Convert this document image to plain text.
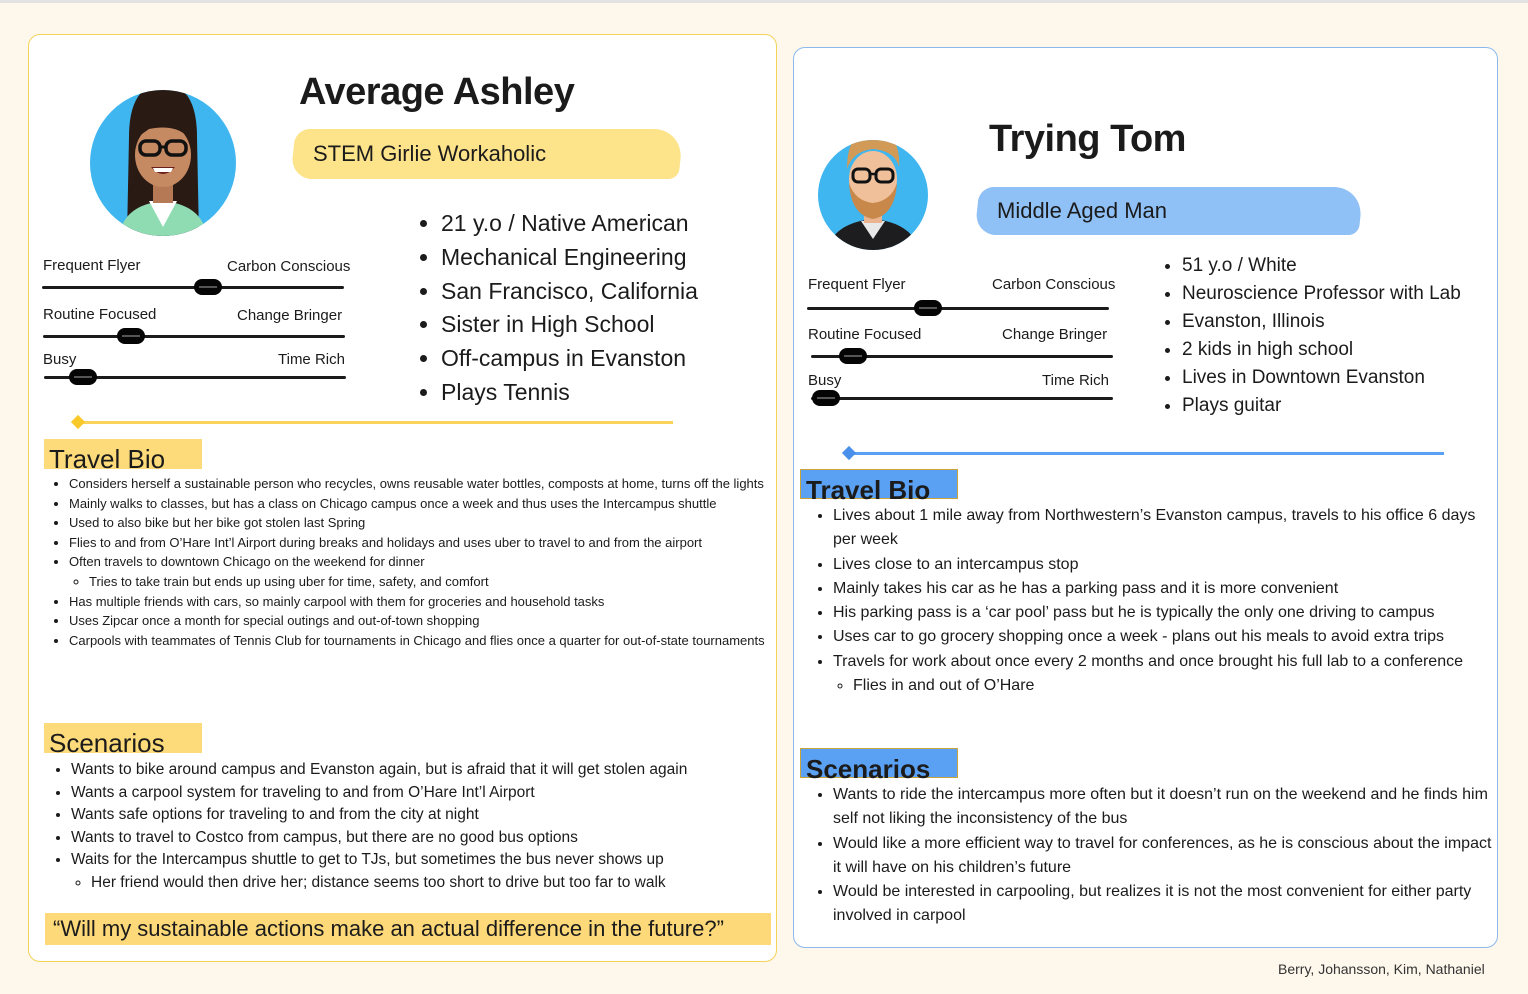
Average Ashley
STEM Girlie Workaholic
Frequent Flyer	Carbon Conscious
Routine Focused	Change Bringer
Busy	Time Rich
• 21 y.o / Native American
• Mechanical Engineering
• San Francisco, California
• Sister in High School
• Off-campus in Evanston
• Plays Tennis
Travel Bio
• Considers herself a sustainable person who recycles, owns reusable water bottles, composts at home, turns off the lights
• Mainly walks to classes, but has a class on Chicago campus once a week and thus uses the Intercampus shuttle
• Used to also bike but her bike got stolen last Spring
• Flies to and from O’Hare Int’l Airport during breaks and holidays and uses uber to travel to and from the airport
• Often travels to downtown Chicago on the weekend for dinner
◦ Tries to take train but ends up using uber for time, safety, and comfort
• Has multiple friends with cars, so mainly carpool with them for groceries and household tasks
• Uses Zipcar once a month for special outings and out-of-town shopping
• Carpools with teammates of Tennis Club for tournaments in Chicago and flies once a quarter for out-of-state tournaments
Scenarios
• Wants to bike around campus and Evanston again, but is afraid that it will get stolen again
• Wants a carpool system for traveling to and from O’Hare Int’l Airport
• Wants safe options for traveling to and from the city at night
• Wants to travel to Costco from campus, but there are no good bus options
• Waits for the Intercampus shuttle to get to TJs, but sometimes the bus never shows up
◦ Her friend would then drive her; distance seems too short to drive but too far to walk
“Will my sustainable actions make an actual difference in the future?”
Trying Tom
Middle Aged Man
Frequent Flyer	Carbon Conscious
Routine Focused	Change Bringer
Busy	Time Rich
• 51 y.o / White
• Neuroscience Professor with Lab
• Evanston, Illinois
• 2 kids in high school
• Lives in Downtown Evanston
• Plays guitar
Travel Bio
• Lives about 1 mile away from Northwestern’s Evanston campus, travels to his office 6 days per week
• Lives close to an intercampus stop
• Mainly takes his car as he has a parking pass and it is more convenient
• His parking pass is a ‘car pool’ pass but he is typically the only one driving to campus
• Uses car to go grocery shopping once a week - plans out his meals to avoid extra trips
• Travels for work about once every 2 months and once brought his full lab to a conference
◦ Flies in and out of O’Hare
Scenarios
• Wants to ride the intercampus more often but it doesn’t run on the weekend and he finds him self not liking the inconsistency of the bus
• Would like a more efficient way to travel for conferences, as he is conscious about the impact it will have on his children’s future
• Would be interested in carpooling, but realizes it is not the most convenient for either party involved in carpool
Berry, Johansson, Kim, Nathaniel
